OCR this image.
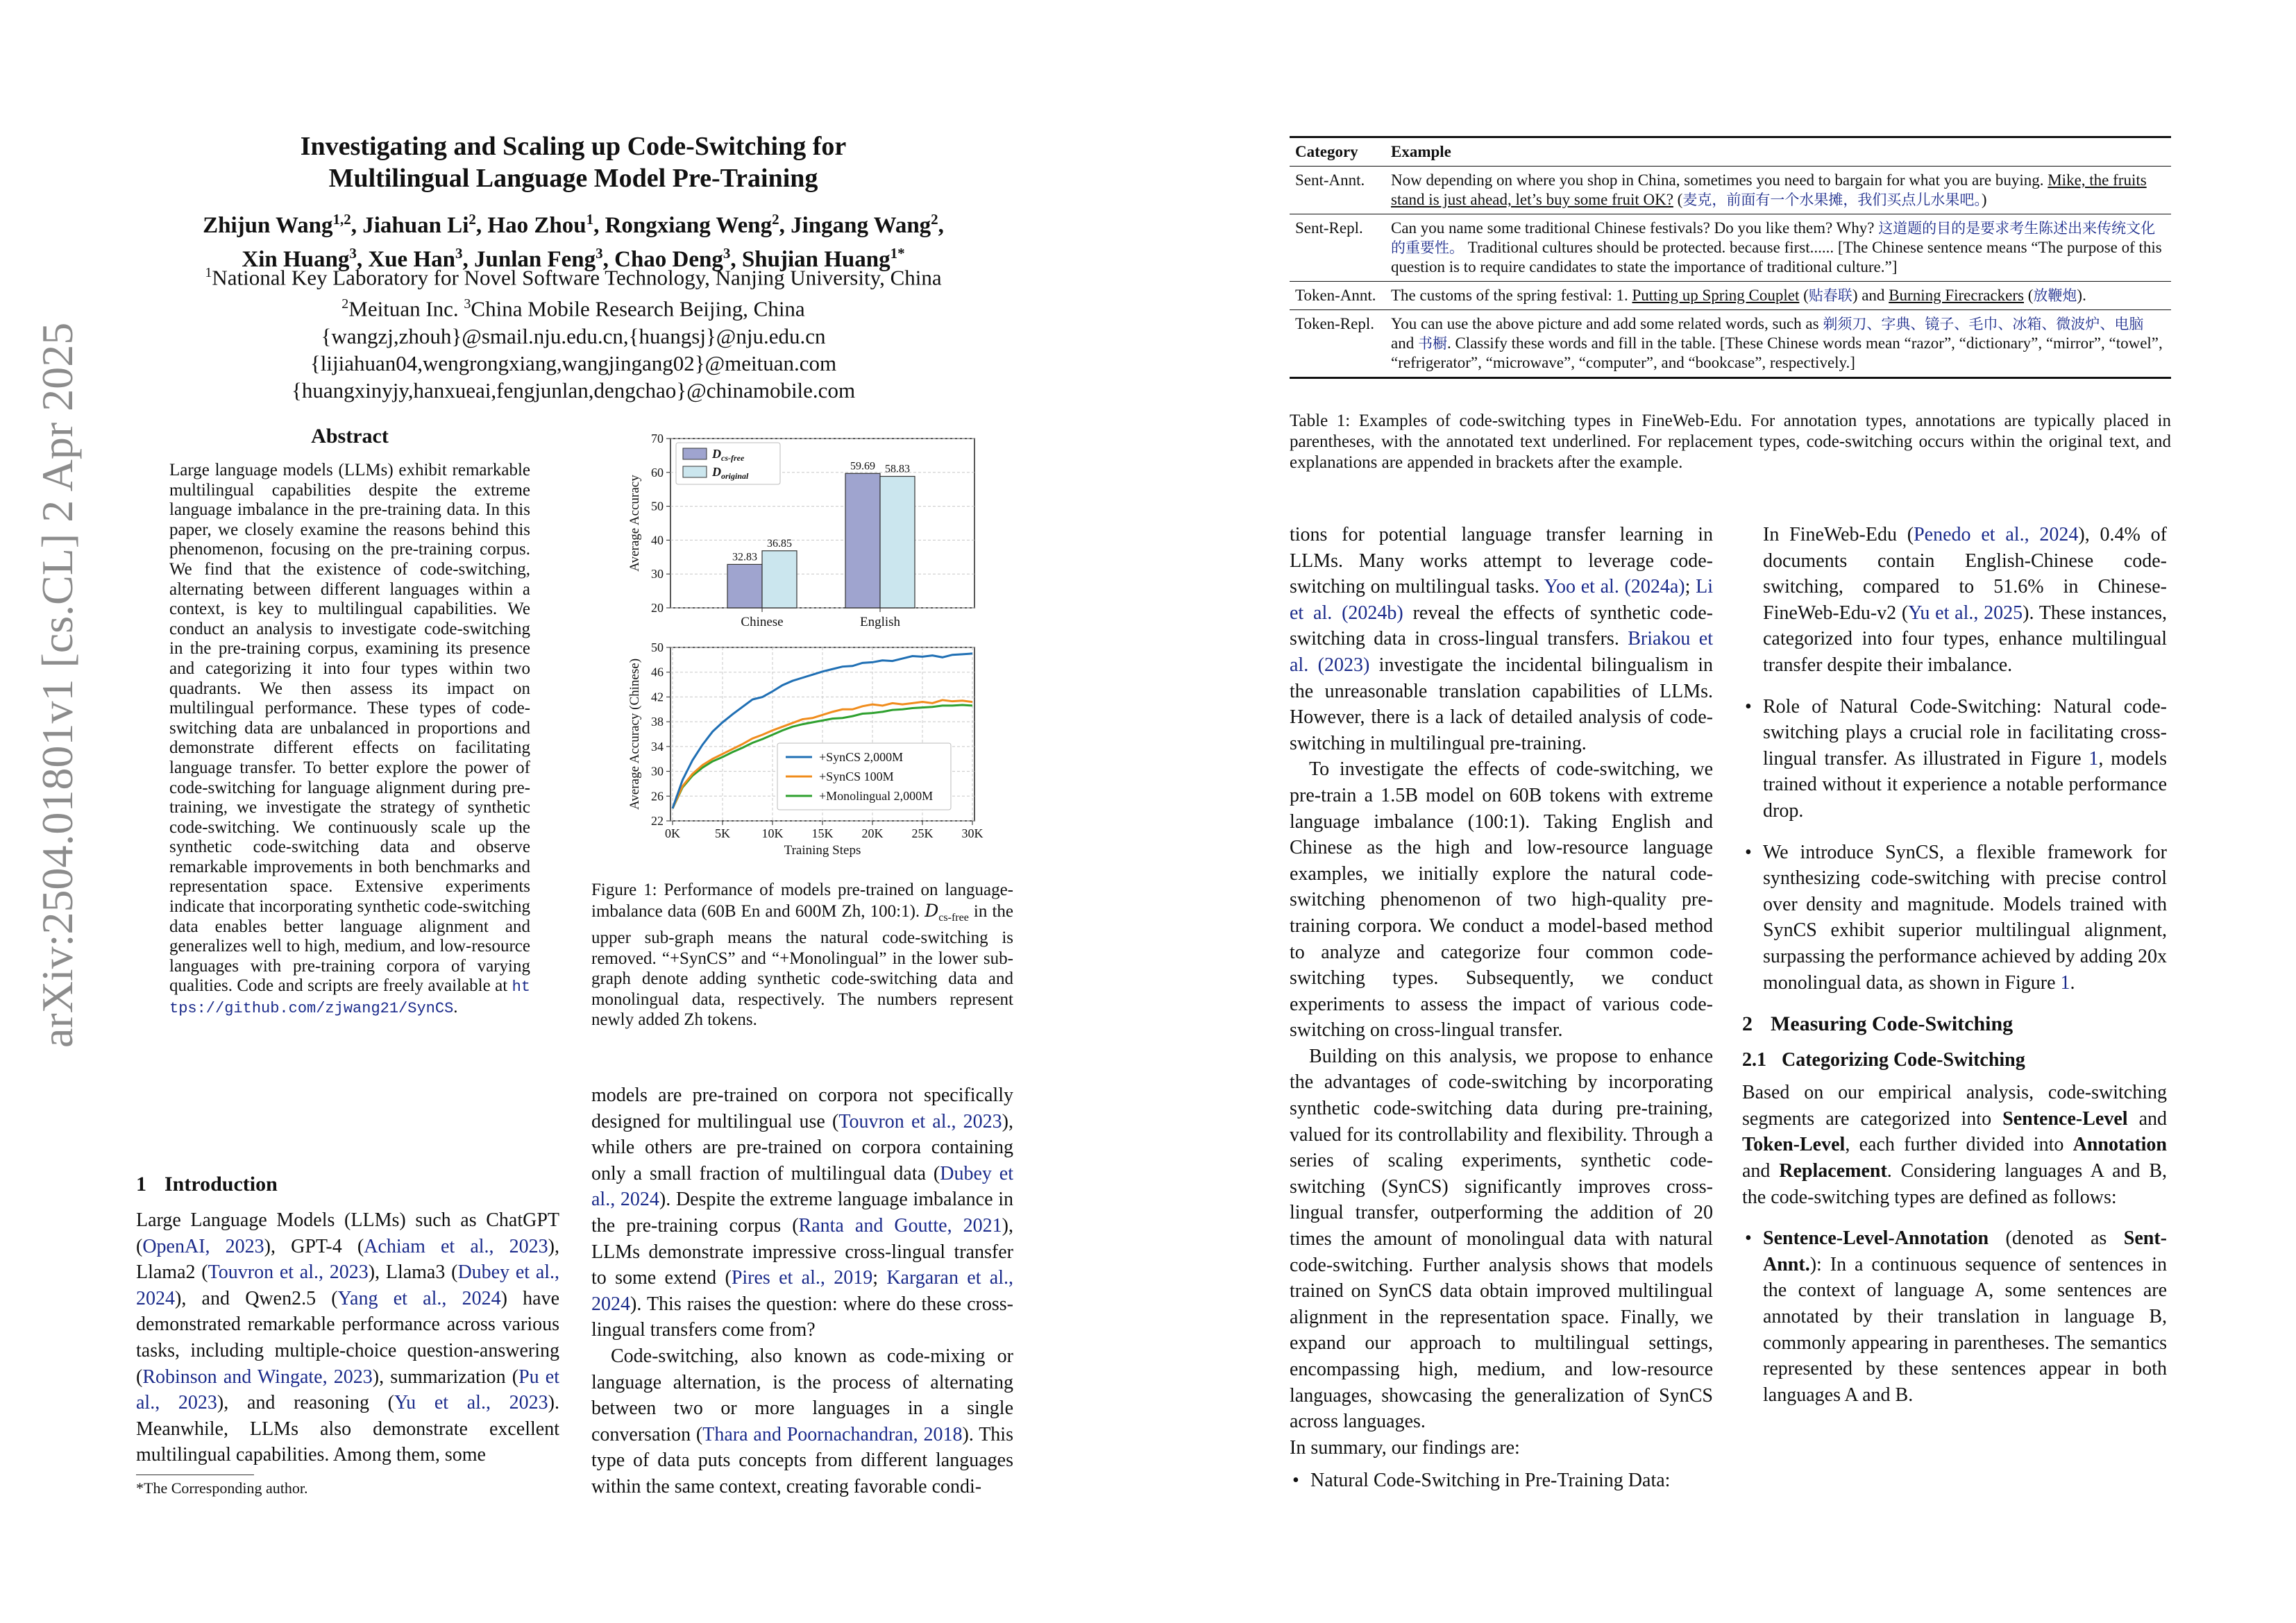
arXiv:2504.01801v1 [cs.CL] 2 Apr 2025
Investigating and Scaling up Code-Switching for
Multilingual Language Model Pre-Training
Zhijun Wang$^{1,2}$, Jiahuan Li$^2$, Hao Zhou$^1$, Rongxiang Weng$^2$, Jingang Wang$^2$,
Xin Huang$^3$, Xue Han$^3$, Junlan Feng$^3$, Chao Deng$^3$, Shujian Huang$^{1*}$
$^1$National Key Laboratory for Novel Software Technology, Nanjing University, China
$^2$Meituan Inc. $^3$China Mobile Research Beijing, China
{wangzj,zhouh}@smail.nju.edu.cn,{huangsj}@nju.edu.cn
{lijiahuan04,wengrongxiang,wangjingang02}@meituan.com
{huangxinyjy,hanxueai,fengjunlan,dengchao}@chinamobile.com
Abstract
Large language models (LLMs) exhibit remarkable multilingual capabilities despite the extreme language imbalance in the pre-training data. In this paper, we closely examine the reasons behind this phenomenon, focusing on the pre-training corpus. We find that the existence of code-switching, alternating between different languages within a context, is key to multilingual capabilities. We conduct an analysis to investigate code-switching in the pre-training corpus, examining its presence and categorizing it into four types within two quadrants. We then assess its impact on multilingual performance. These types of code-switching data are unbalanced in proportions and demonstrate different effects on facilitating language transfer. To better explore the power of code-switching for language alignment during pre-training, we investigate the strategy of synthetic code-switching. We continuously scale up the synthetic code-switching data and observe remarkable improvements in both benchmarks and representation space. Extensive experiments indicate that incorporating synthetic code-switching data enables better language alignment and generalizes well to high, medium, and low-resource languages with pre-training corpora of varying qualities. Code and scripts are freely available at https://github.com/zjwang21/SynCS.
1 Introduction

Large Language Models (LLMs) such as ChatGPT (OpenAI, 2023), GPT-4 (Achiam et al., 2023), Llama2 (Touvron et al., 2023), Llama3 (Dubey et al., 2024), and Qwen2.5 (Yang et al., 2024) have demonstrated remarkable performance across various tasks, including multiple-choice question-answering (Robinson and Wingate, 2023), summarization (Pu et al., 2023), and reasoning (Yu et al., 2023). Meanwhile, LLMs also demonstrate excellent multilingual capabilities. Among them, some

*The Corresponding author.
20
30
40
50
60
70
Chinese
32.83
36.85
English
59.69 58.83
Average Accuracy
$D_{cs-free}$
$D_{original}$
22
26
30
34
38
42
46
50
0K	5K	10K 15K 20K 25K 30K
Training Steps
Average Accuracy (Chinese)	+SynCS 2,000M
+SynCS 100M
+Monolingual 2,000M
Figure 1: Performance of models pre-trained on language-imbalance data (60B En and 600M Zh, 100:1). $D_{cs-free}$ in the upper sub-graph means the natural code-switching is removed. “+SynCS” and “+Monolingual” in the lower sub-graph denote adding synthetic code-switching data and monolingual data, respectively. The numbers represent newly added Zh tokens.

models are pre-trained on corpora not specifically designed for multilingual use (Touvron et al., 2023), while others are pre-trained on corpora containing only a small fraction of multilingual data (Dubey et al., 2024). Despite the extreme language imbalance in the pre-training corpus (Ranta and Goutte, 2021), LLMs demonstrate impressive cross-lingual transfer to some extend (Pires et al., 2019; Kargaran et al., 2024). This raises the question: where do these cross-lingual transfers come from?

Code-switching, also known as code-mixing or language alternation, is the process of alternating between two or more languages in a single conversation (Thara and Poornachandran, 2018). This type of data puts concepts from different languages within the same context, creating favorable condi-

Category	Example
Sent-Annt.	Now depending on where you shop in China, sometimes you need to bargain for what you are buying. Mike, the fruits stand is just ahead, let’s buy some fruit OK? (麦克，前面有一个水果摊，我们买点儿水果吧。)
Sent-Repl.	Can you name some traditional Chinese festivals? Do you like them? Why? 这道题的目的是要求考生陈述出来传统文化的重要性。 Traditional cultures should be protected. because first...... [The Chinese sentence means “The purpose of this question is to require candidates to state the importance of traditional culture.”]
Token-Annt.	The customs of the spring festival: 1. Putting up Spring Couplet (贴春联) and Burning Firecrackers (放鞭炮).
Token-Repl.	You can use the above picture and add some related words, such as 剃须刀、字典、镜子、毛巾、冰箱、微波炉、电脑 and 书橱. Classify these words and fill in the table. [These Chinese words mean “razor”, “dictionary”, “mirror”, “towel”, “refrigerator”, “microwave”, “computer”, and “bookcase”, respectively.]
Table 1: Examples of code-switching types in FineWeb-Edu. For annotation types, annotations are typically placed in parentheses, with the annotated text underlined. For replacement types, code-switching occurs within the original text, and explanations are appended in brackets after the example.

tions for potential language transfer learning in LLMs. Many works attempt to leverage code-switching on multilingual tasks. Yoo et al. (2024a); Li et al. (2024b) reveal the effects of synthetic code-switching data in cross-lingual transfers. Briakou et al. (2023) investigate the incidental bilingualism in the unreasonable translation capabilities of LLMs. However, there is a lack of detailed analysis of code-switching in multilingual pre-training.

To investigate the effects of code-switching, we pre-train a 1.5B model on 60B tokens with extreme language imbalance (100:1). Taking English and Chinese as the high and low-resource language examples, we initially explore the natural code-switching phenomenon of two high-quality pre-training corpora. We conduct a model-based method to analyze and categorize four common code-switching types. Subsequently, we conduct experiments to assess the impact of various code-switching on cross-lingual transfer.

Building on this analysis, we propose to enhance the advantages of code-switching by incorporating synthetic code-switching data during pre-training, valued for its controllability and flexibility. Through a series of scaling experiments, synthetic code-switching (SynCS) significantly improves cross-lingual transfer, outperforming the addition of 20 times the amount of monolingual data with natural code-switching. Further analysis shows that models trained on SynCS data obtain improved multilingual alignment in the representation space. Finally, we expand our approach to multilingual settings, encompassing high, medium, and low-resource languages, showcasing the generalization of SynCS across languages.

In summary, our findings are:

• Natural Code-Switching in Pre-Training Data:

In FineWeb-Edu (Penedo et al., 2024), 0.4% of documents contain English-Chinese code-switching, compared to 51.6% in Chinese-FineWeb-Edu-v2 (Yu et al., 2025). These instances, categorized into four types, enhance multilingual transfer despite their imbalance.

• Role of Natural Code-Switching: Natural code-switching plays a crucial role in facilitating cross-lingual transfer. As illustrated in Figure 1, models trained without it experience a notable performance drop.
• We introduce SynCS, a flexible framework for synthesizing code-switching with precise control over density and magnitude. Models trained with SynCS exhibit superior multilingual alignment, surpassing the performance achieved by adding 20x monolingual data, as shown in Figure 1.
2 Measuring Code-Switching
2.1 Categorizing Code-Switching

Based on our empirical analysis, code-switching segments are categorized into Sentence-Level and Token-Level, each further divided into Annotation and Replacement. Considering languages A and B, the code-switching types are defined as follows:

• Sentence-Level-Annotation (denoted as Sent-Annt.): In a continuous sequence of sentences in the context of language A, some sentences are annotated by their translation in language B, commonly appearing in parentheses. The semantics represented by these sentences appear in both languages A and B.
